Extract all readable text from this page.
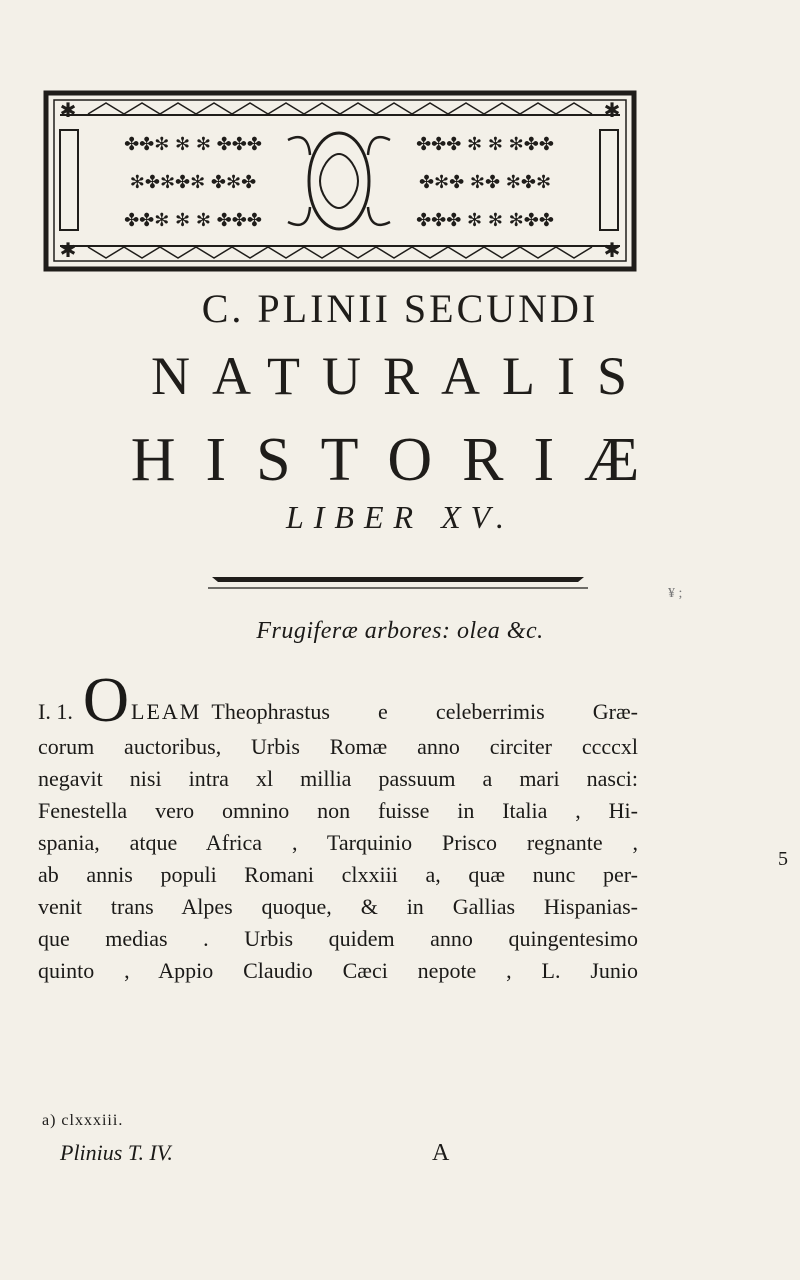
✤✤✻ ✻ ✻ ✤✤✤
✻✤✻✤✻ ✤✻✤
✤✤✻ ✻ ✻ ✤✤✤
✤✤✤ ✻ ✻ ✻✤✤
✤✻✤ ✻✤ ✻✤✻
✤✤✤ ✻ ✻ ✻✤✤
✱	✱
✱	✱
C. PLINII SECUNDI
NATURALIS
HISTORIÆ
LIBER XV.
¥ ;
Frugiferæ arbores: olea &c.
I. 1. O LEAM Theophrastus e celeberrimis Græ-
corum auctoribus, Urbis Romæ anno circiter ccccxl
negavit nisi intra xl millia passuum a mari nasci:
Fenestella vero omnino non fuisse in Italia , Hi-
spania, atque Africa , Tarquinio Prisco regnante ,
ab annis populi Romani clxxiii a, quæ nunc per-
venit trans Alpes quoque, & in Gallias Hispanias-
que medias . Urbis quidem anno quingentesimo
quinto , Appio Claudio Cæci nepote , L. Junio
5
a) clxxxiii.
Plinius T. IV.	A
